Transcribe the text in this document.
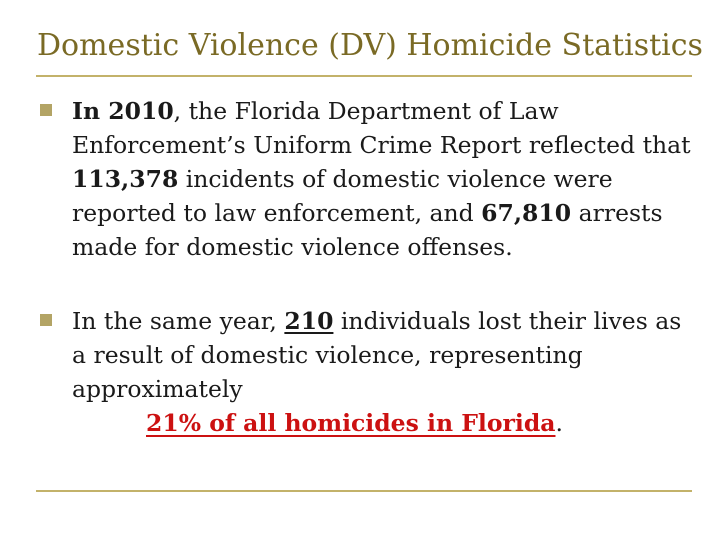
Domestic Violence (DV) Homicide Statistics
In 2010, the Florida Department of Law Enforcement’s Uniform Crime Report reflected that 113,378 incidents of domestic violence were reported to law enforcement, and 67,810 arrests made for domestic violence offenses.
In the same year, 210 individuals lost their lives as a result of domestic violence, representing approximately
21% of all homicides in Florida.
